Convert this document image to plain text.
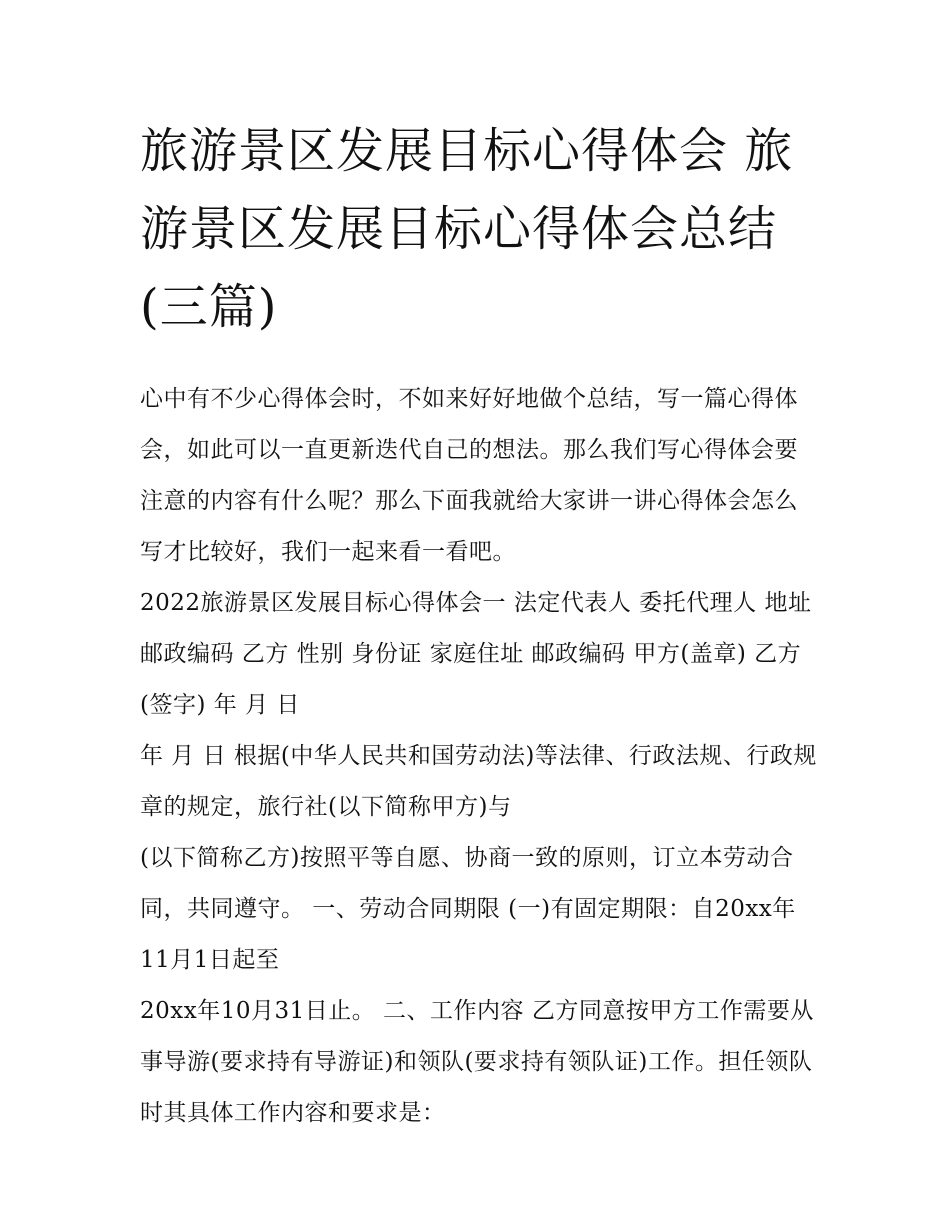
旅游景区发展目标心得体会 旅游景区发展目标心得体会总结(三篇)

心中有不少心得体会时，不如来好好地做个总结，写一篇心得体会，如此可以一直更新迭代自己的想法。那么我们写心得体会要注意的内容有什么呢？那么下面我就给大家讲一讲心得体会怎么写才比较好，我们一起来看一看吧。

2022旅游景区发展目标心得体会一 法定代表人 委托代理人 地址 邮政编码 乙方 性别 身份证 家庭住址 邮政编码 甲方(盖章) 乙方(签字) 年 月 日

年 月 日 根据(中华人民共和国劳动法)等法律、行政法规、行政规章的规定，旅行社(以下简称甲方)与

(以下简称乙方)按照平等自愿、协商一致的原则，订立本劳动合同，共同遵守。 一、劳动合同期限 (一)有固定期限：自20xx年11月1日起至

20xx年10月31日止。 二、工作内容 乙方同意按甲方工作需要从事导游(要求持有导游证)和领队(要求持有领队证)工作。担任领队时其具体工作内容和要求是：
